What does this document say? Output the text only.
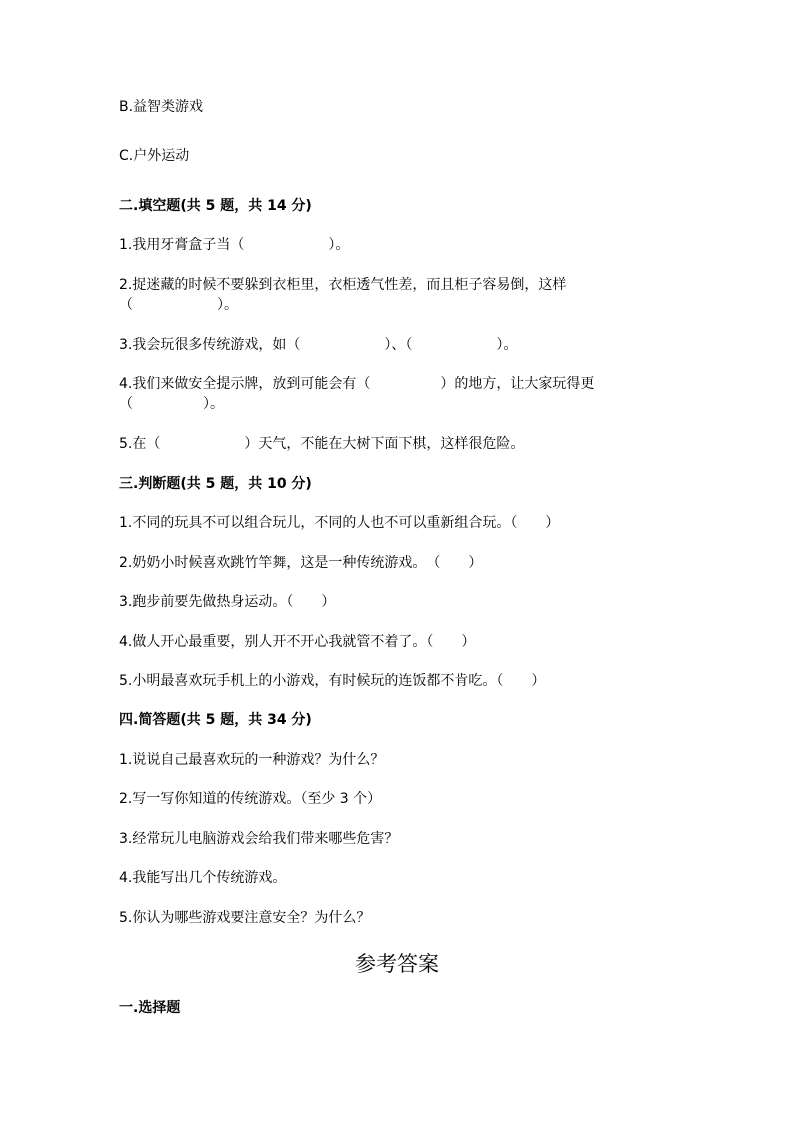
B.益智类游戏

C.户外运动

二.填空题(共 5 题，共 14 分)

1.我用牙膏盒子当（　　　　　　）。

2.捉迷藏的时候不要躲到衣柜里，衣柜透气性差，而且柜子容易倒，这样

（　　　　　　）。

3.我会玩很多传统游戏，如（　　　　　　）、（　　　　　　）。

4.我们来做安全提示牌，放到可能会有（　　　　　）的地方，让大家玩得更

（　　　　　）。

5.在（　　　　　　）天气，不能在大树下面下棋，这样很危险。

三.判断题(共 5 题，共 10 分)

1.不同的玩具不可以组合玩儿，不同的人也不可以重新组合玩。（　　）

2.奶奶小时候喜欢跳竹竿舞，这是一种传统游戏。　（　　）

3.跑步前要先做热身运动。（　　）

4.做人开心最重要，别人开不开心我就管不着了。（　　）

5.小明最喜欢玩手机上的小游戏，有时候玩的连饭都不肯吃。（　　）

四.简答题(共 5 题，共 34 分)

1.说说自己最喜欢玩的一种游戏？为什么？

2.写一写你知道的传统游戏。（至少 3 个）

3.经常玩儿电脑游戏会给我们带来哪些危害？

4.我能写出几个传统游戏。

5.你认为哪些游戏要注意安全？为什么？

参考答案

一.选择题
